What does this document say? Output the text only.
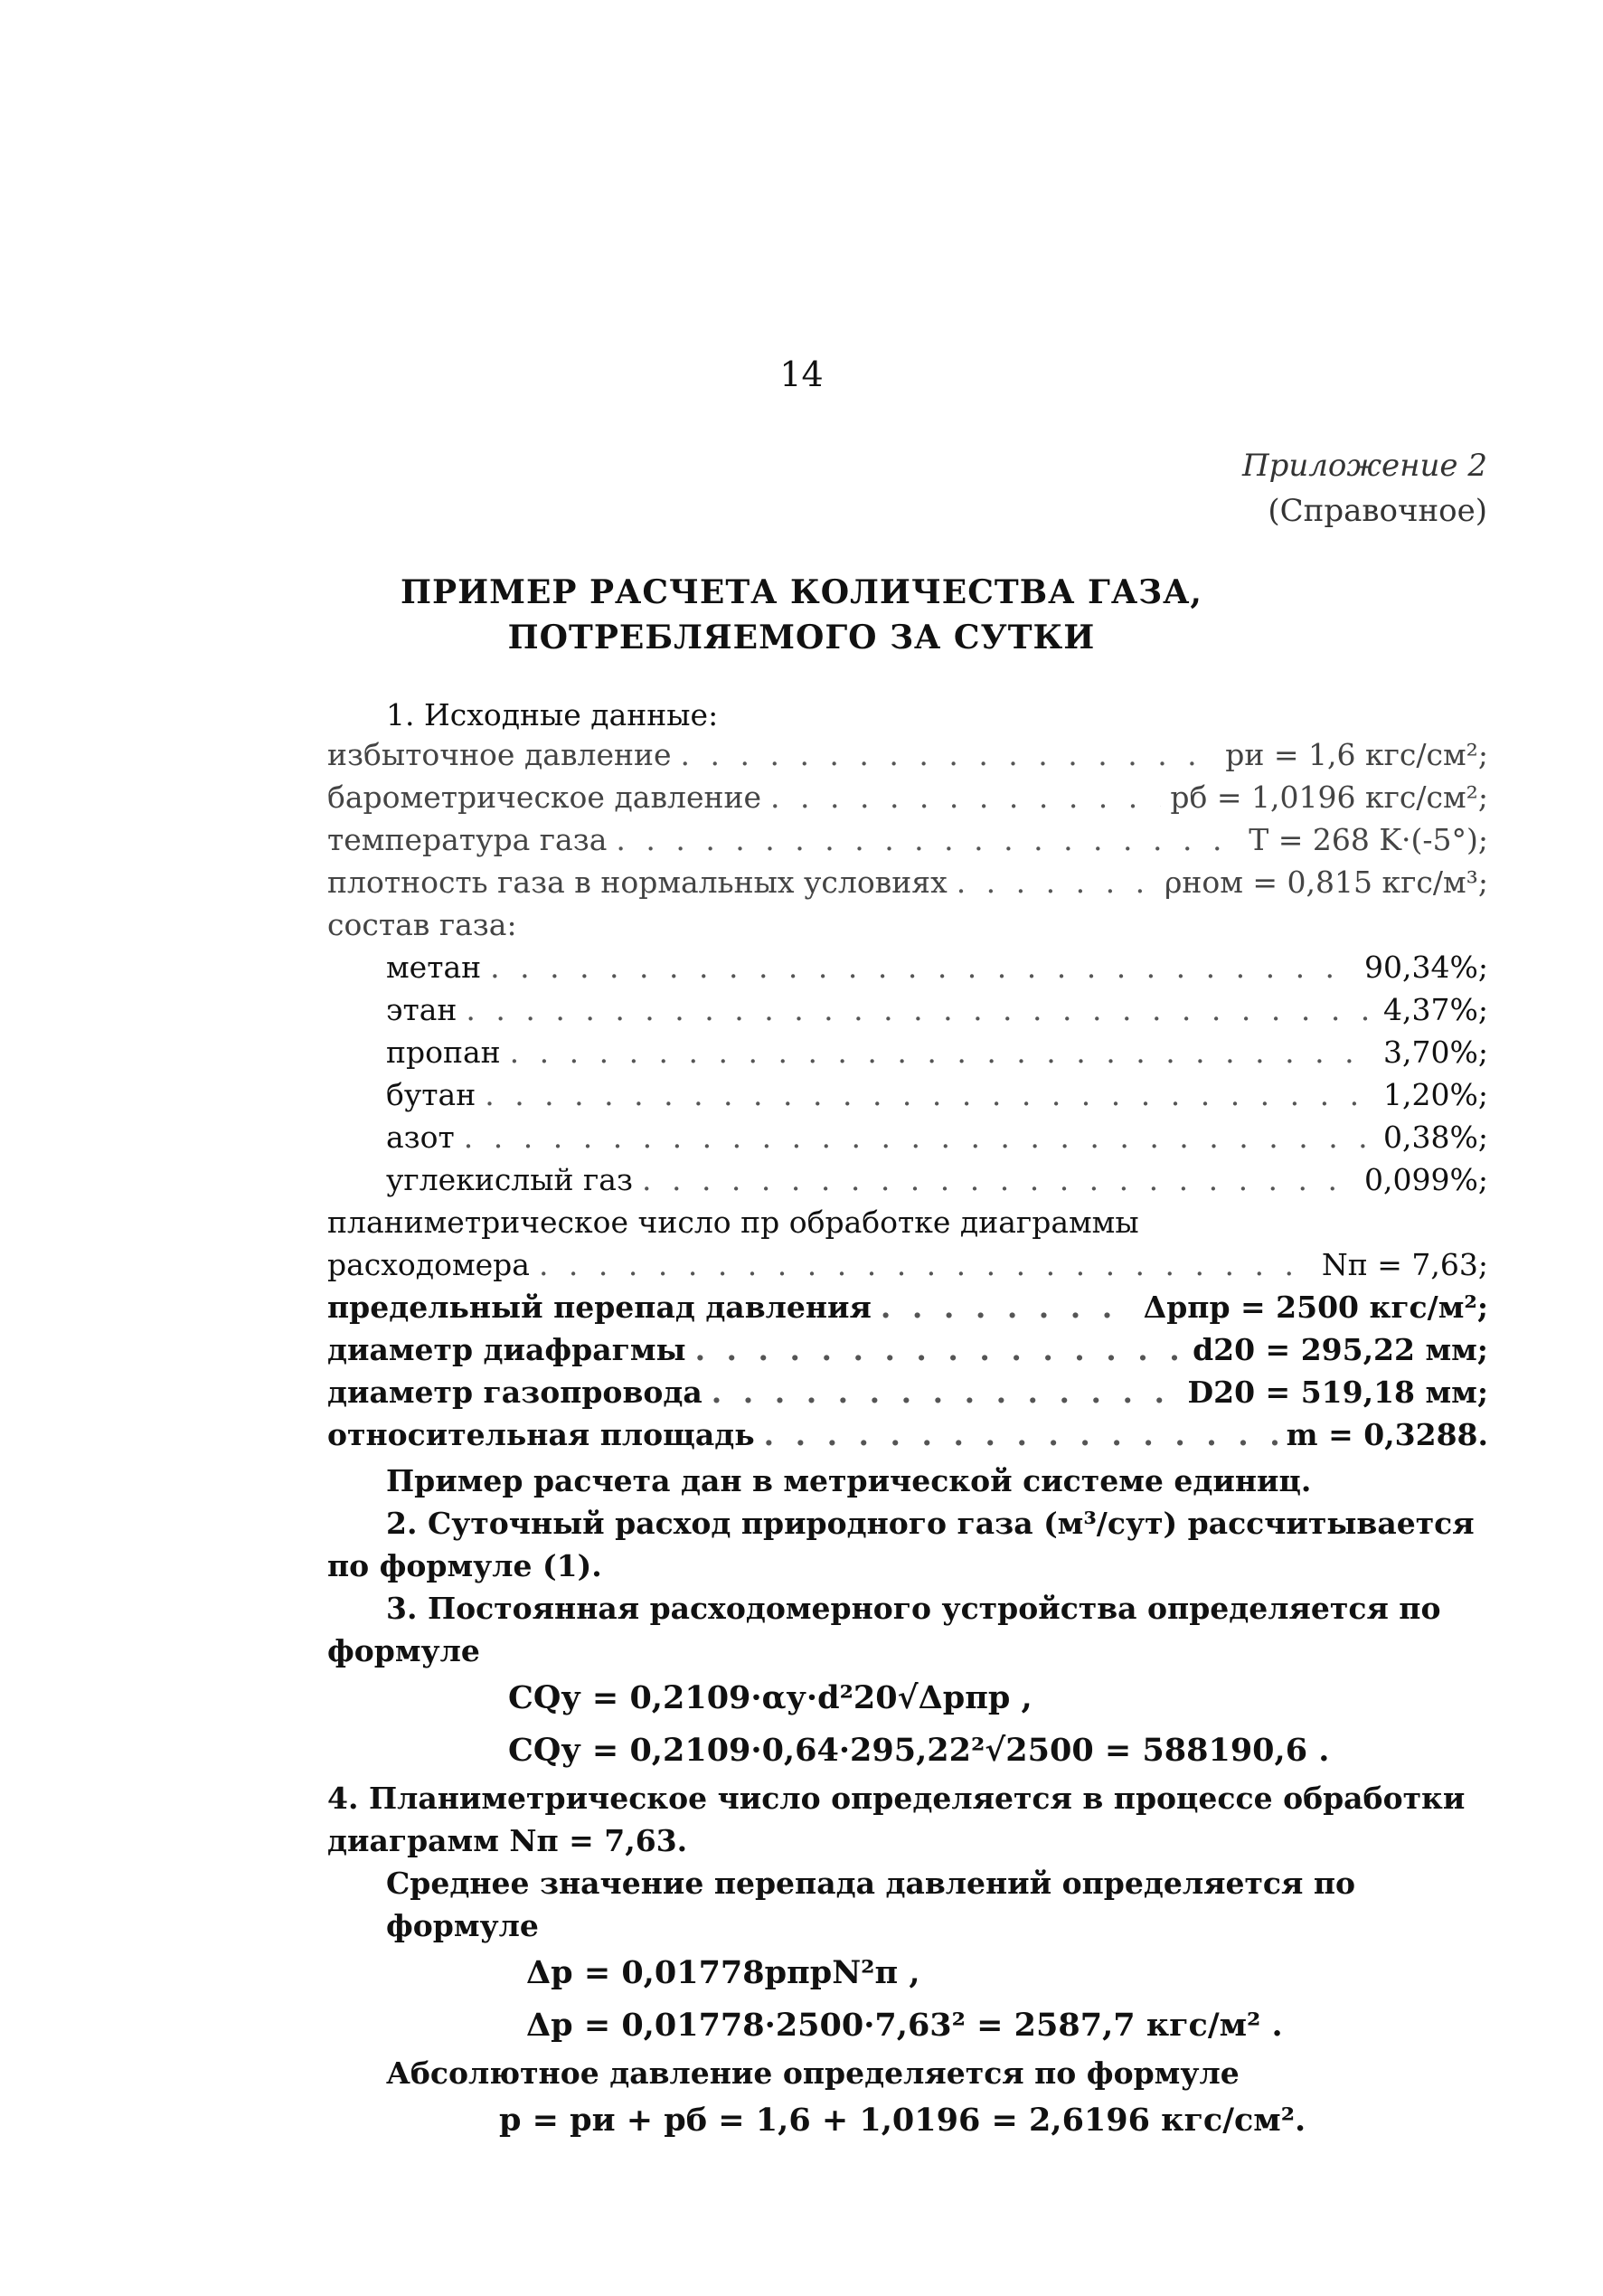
14
Приложение 2
(Справочное)
ПРИМЕР РАСЧЕТА КОЛИЧЕСТВА ГАЗА,
ПОТРЕБЛЯЕМОГО ЗА СУТКИ
1. Исходные данные:
избыточное давление . . .	pи = 1,6 кгс/см²;
барометрическое давление . . .	pб = 1,0196 кгс/см²;
температура газа . . .	T = 268 K·(-5°);
плотность газа в нормальных условиях . . .	ρном = 0,815 кгс/м³;
состав газа:
метан . . .	90,34%;
этан . . .	4,37%;
пропан . . .	3,70%;
бутан . . .	1,20%;
азот . . .	0,38%;
углекислый газ . . .	0,099%;
планиметрическое число пр обработке диаграммы
расходомера . . .	Nп = 7,63;
предельный перепад давления . . .	Δpпр = 2500 кгс/м²;
диаметр диафрагмы . . .	d20 = 295,22 мм;
диаметр газопровода . . .	D20 = 519,18 мм;
относительная площадь . . .	m = 0,3288.
Пример расчета дан в метрической системе единиц.
2. Суточный расход природного газа (м³/сут) рассчитывается
по формуле (1).
3. Постоянная расходомерного устройства определяется по
формуле
CQу = 0,2109·αу·d²20√Δpпр ,
CQу = 0,2109·0,64·295,22²√2500 = 588190,6 .
4. Планиметрическое число определяется в процессе обработки
диаграмм Nп = 7,63.
Среднее значение перепада давлений определяется по формуле
Δp = 0,01778pпрN²п ,
Δp = 0,01778·2500·7,63² = 2587,7 кгс/м² .
Абсолютное давление определяется по формуле
p = pи + pб = 1,6 + 1,0196 = 2,6196 кгс/см².
